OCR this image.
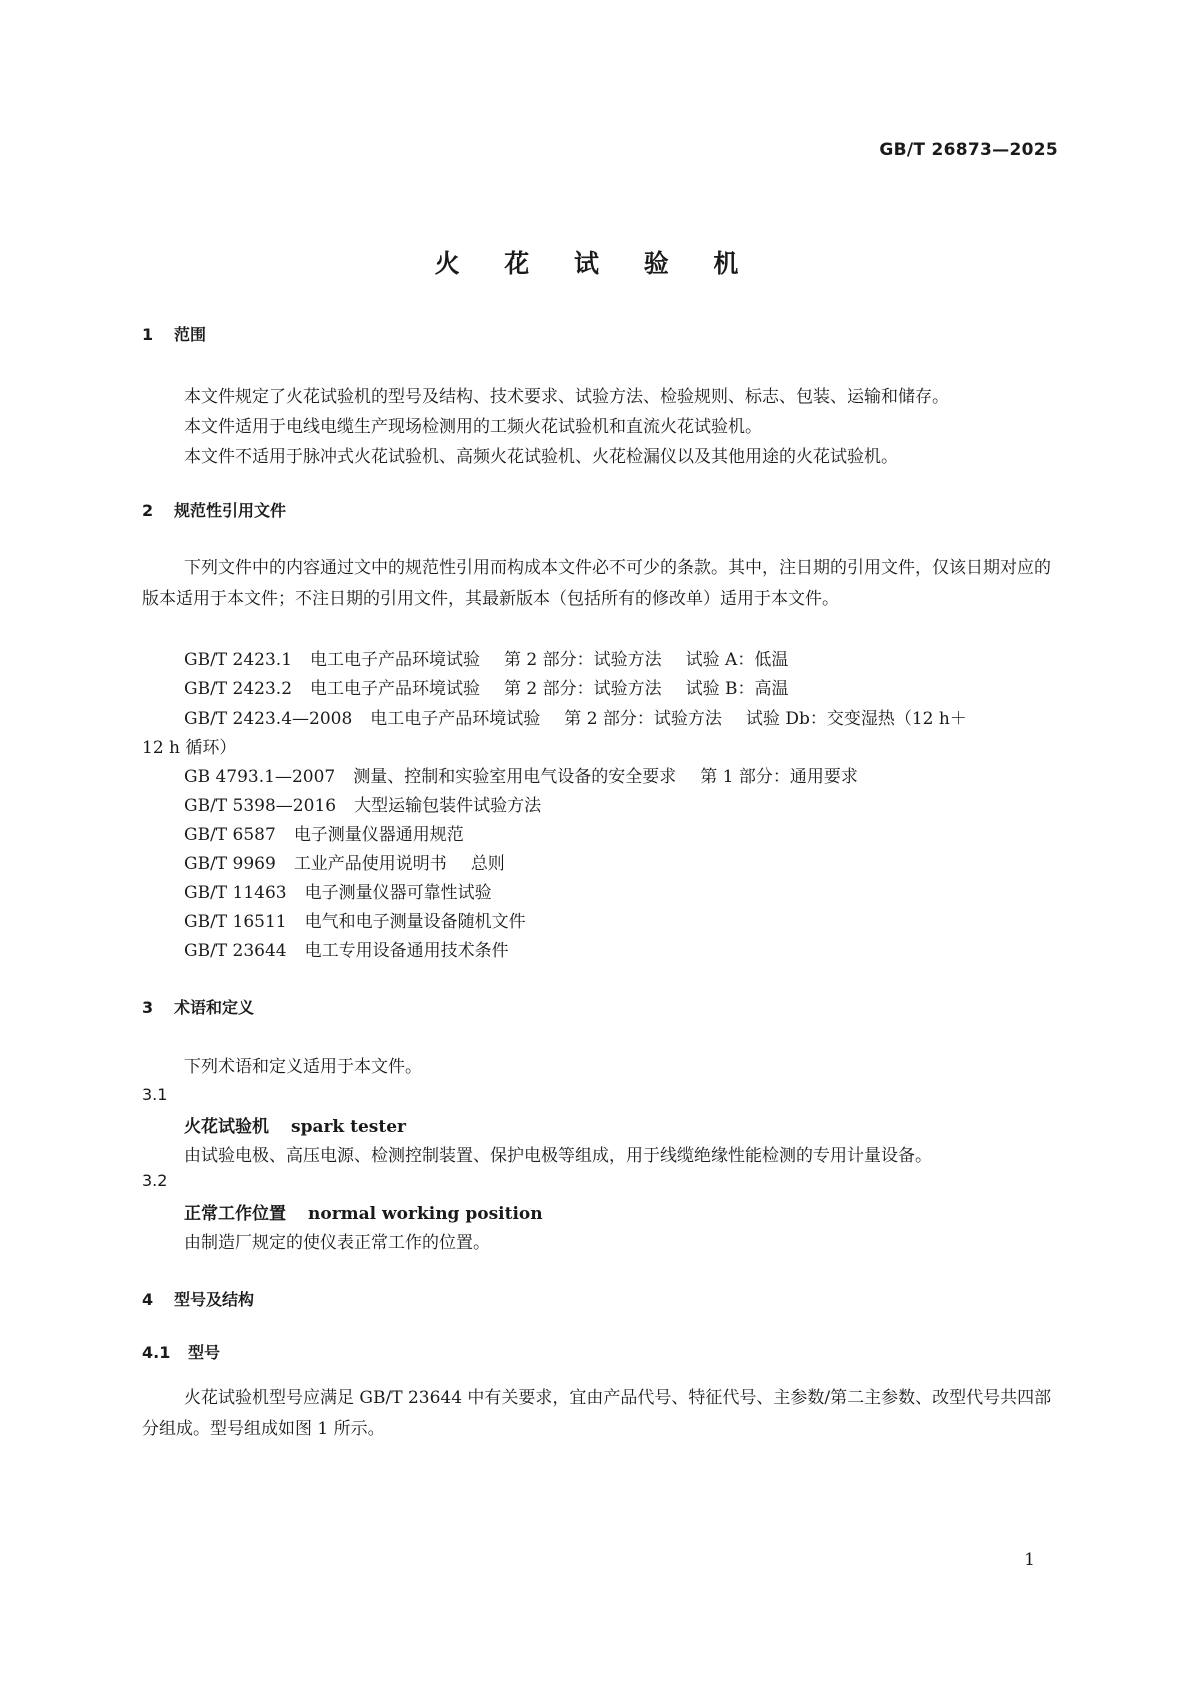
GB/T 26873—2025
火 花 试 验 机
1 范围
本文件规定了火花试验机的型号及结构、技术要求、试验方法、检验规则、标志、包装、运输和储存。
本文件适用于电线电缆生产现场检测用的工频火花试验机和直流火花试验机。
本文件不适用于脉冲式火花试验机、高频火花试验机、火花检漏仪以及其他用途的火花试验机。
2 规范性引用文件
下列文件中的内容通过文中的规范性引用而构成本文件必不可少的条款。其中，注日期的引用文件，仅该日期对应的版本适用于本文件；不注日期的引用文件，其最新版本（包括所有的修改单）适用于本文件。
GB/T 2423.1 电工电子产品环境试验 第 2 部分：试验方法 试验 A：低温
GB/T 2423.2 电工电子产品环境试验 第 2 部分：试验方法 试验 B：高温
GB/T 2423.4—2008 电工电子产品环境试验 第 2 部分：试验方法 试验 Db：交变湿热（12 h＋
12 h 循环）
GB 4793.1—2007 测量、控制和实验室用电气设备的安全要求 第 1 部分：通用要求
GB/T 5398—2016 大型运输包装件试验方法
GB/T 6587 电子测量仪器通用规范
GB/T 9969 工业产品使用说明书 总则
GB/T 11463 电子测量仪器可靠性试验
GB/T 16511 电气和电子测量设备随机文件
GB/T 23644 电工专用设备通用技术条件
3 术语和定义
下列术语和定义适用于本文件。
3.1
火花试验机 spark tester
由试验电极、高压电源、检测控制装置、保护电极等组成，用于线缆绝缘性能检测的专用计量设备。
3.2
正常工作位置 normal working position
由制造厂规定的使仪表正常工作的位置。
4 型号及结构
4.1 型号
火花试验机型号应满足 GB/T 23644 中有关要求，宜由产品代号、特征代号、主参数/第二主参数、改型代号共四部分组成。型号组成如图 1 所示。
1
